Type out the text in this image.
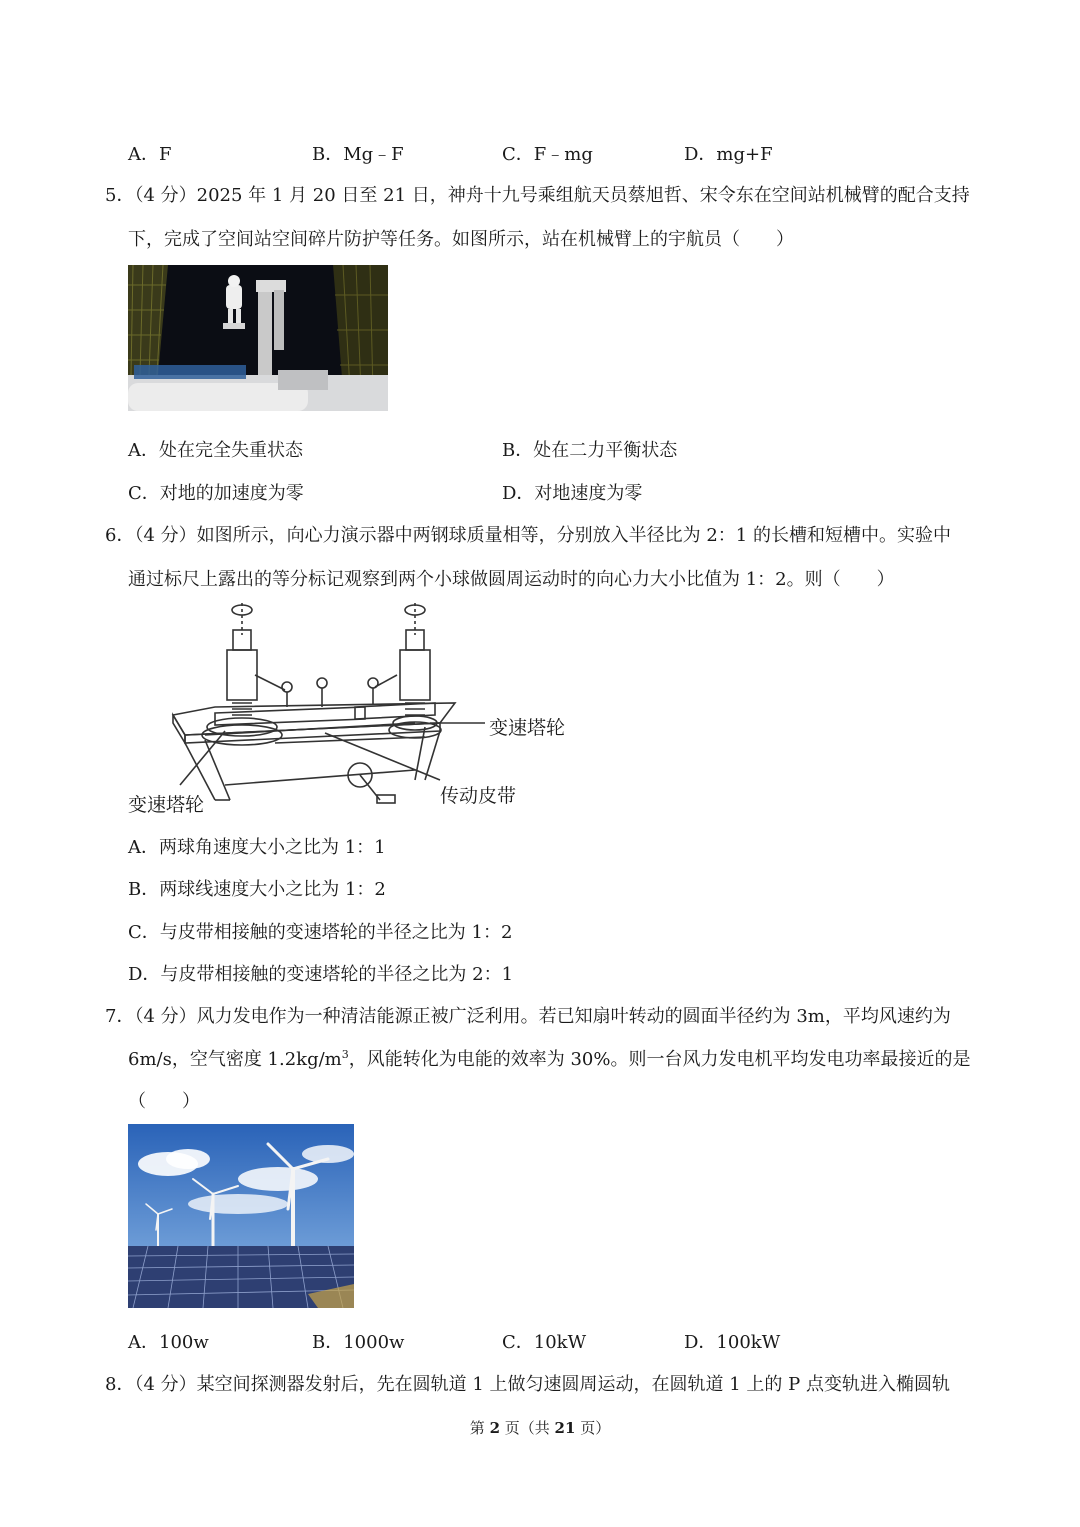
A．F	B．Mg﹣F	C．F﹣mg	D．mg+F
5．（4 分）2025 年 1 月 20 日至 21 日，神舟十九号乘组航天员蔡旭哲、宋令东在空间站机械臂的配合支持
下，完成了空间站空间碎片防护等任务。如图所示，站在机械臂上的宇航员（　　）
A．处在完全失重状态	B．处在二力平衡状态
C．对地的加速度为零	D．对地速度为零
6．（4 分）如图所示，向心力演示器中两钢球质量相等，分别放入半径比为 2：1 的长槽和短槽中。实验中
通过标尺上露出的等分标记观察到两个小球做圆周运动时的向心力大小比值为 1：2。则（　　）
变速塔轮
变速塔轮	传动皮带
A．两球角速度大小之比为 1：1
B．两球线速度大小之比为 1：2
C．与皮带相接触的变速塔轮的半径之比为 1：2
D．与皮带相接触的变速塔轮的半径之比为 2：1
7．（4 分）风力发电作为一种清洁能源正被广泛利用。若已知扇叶转动的圆面半径约为 3m，平均风速约为
6m/s，空气密度 $1.2kg/m^3$，风能转化为电能的效率为 30%。则一台风力发电机平均发电功率最接近的是
（　　）
A．100w	B．1000w	C．10kW	D．100kW
8．（4 分）某空间探测器发射后，先在圆轨道 1 上做匀速圆周运动，在圆轨道 1 上的 P 点变轨进入椭圆轨
第 2 页（共 21 页）
